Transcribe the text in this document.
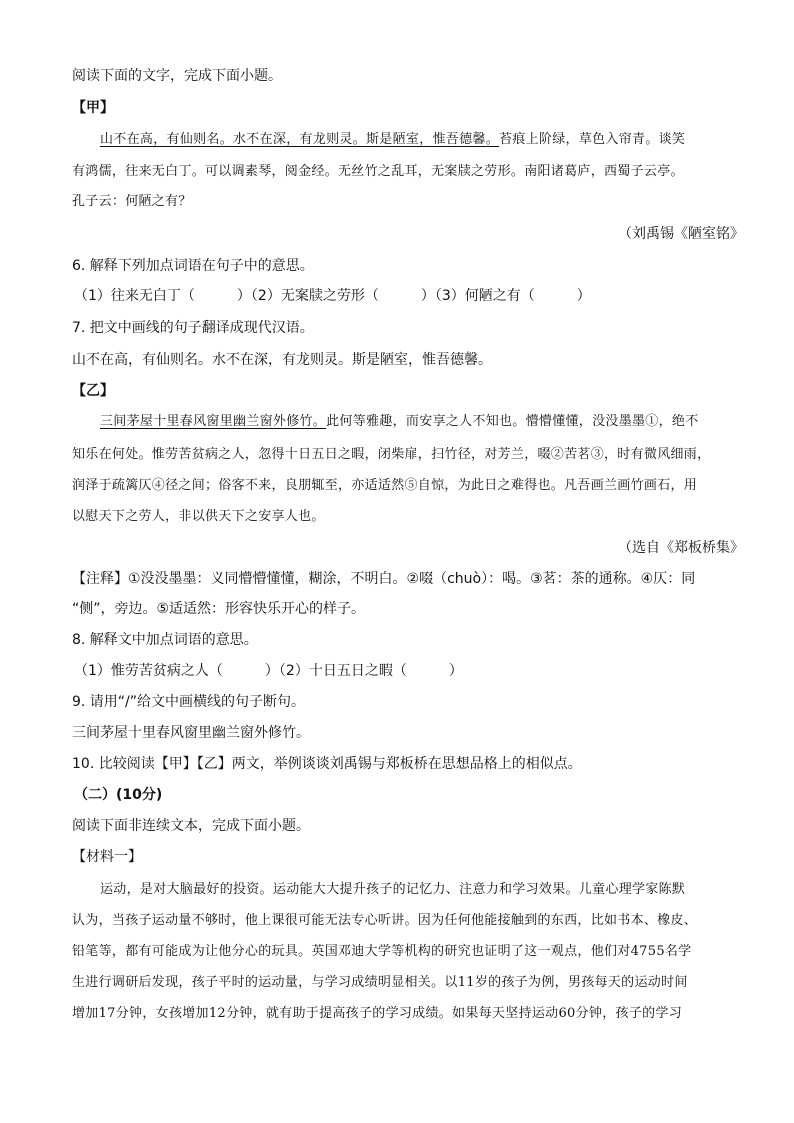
阅读下面的文字，完成下面小题。
【甲】
山不在高，有仙则名。水不在深，有龙则灵。斯是陋室，惟吾德馨。苔痕上阶绿，草色入帘青。谈笑
有鸿儒，往来无白丁。可以调素琴，阅金经。无丝竹之乱耳，无案牍之劳形。南阳诸葛庐，西蜀子云亭。
孔子云：何陋之有？
（刘禹锡《陋室铭》
6. 解释下列加点词语在句子中的意思。
（1）往来无白丁（　　　）（2）无案牍之劳形（　　　）（3）何陋之有（　　　）
7. 把文中画线的句子翻译成现代汉语。
山不在高，有仙则名。水不在深，有龙则灵。斯是陋室，惟吾德馨。
【乙】
三间茅屋十里春风窗里幽兰窗外修竹。此何等雅趣，而安享之人不知也。懵懵懂懂，没没墨墨①，绝不
知乐在何处。惟劳苦贫病之人，忽得十日五日之暇，闭柴扉，扫竹径，对芳兰，啜②苦茗③，时有微风细雨，
润泽于疏篱仄④径之间；俗客不来，良朋辄至，亦适适然⑤自惊，为此日之难得也。凡吾画兰画竹画石，用
以慰天下之劳人，非以供天下之安享人也。
（选自《郑板桥集》
【注释】①没没墨墨：义同懵懵懂懂，糊涂，不明白。②啜（chuò）：喝。③茗：茶的通称。④仄：同
“侧”，旁边。⑤适适然：形容快乐开心的样子。
8. 解释文中加点词语的意思。
（1）惟劳苦贫病之人（　　　）（2）十日五日之暇（　　　）
9. 请用“/”给文中画横线的句子断句。
三间茅屋十里春风窗里幽兰窗外修竹。
10. 比较阅读【甲】【乙】两文，举例谈谈刘禹锡与郑板桥在思想品格上的相似点。
（二）(10分)
阅读下面非连续文本，完成下面小题。
【材料一】
运动，是对大脑最好的投资。运动能大大提升孩子的记忆力、注意力和学习效果。儿童心理学家陈默
认为，当孩子运动量不够时，他上课很可能无法专心听讲。因为任何他能接触到的东西，比如书本、橡皮、
铅笔等，都有可能成为让他分心的玩具。英国邓迪大学等机构的研究也证明了这一观点，他们对4755名学
生进行调研后发现，孩子平时的运动量，与学习成绩明显相关。以11岁的孩子为例，男孩每天的运动时间
增加17分钟，女孩增加12分钟，就有助于提高孩子的学习成绩。如果每天坚持运动60分钟，孩子的学习
